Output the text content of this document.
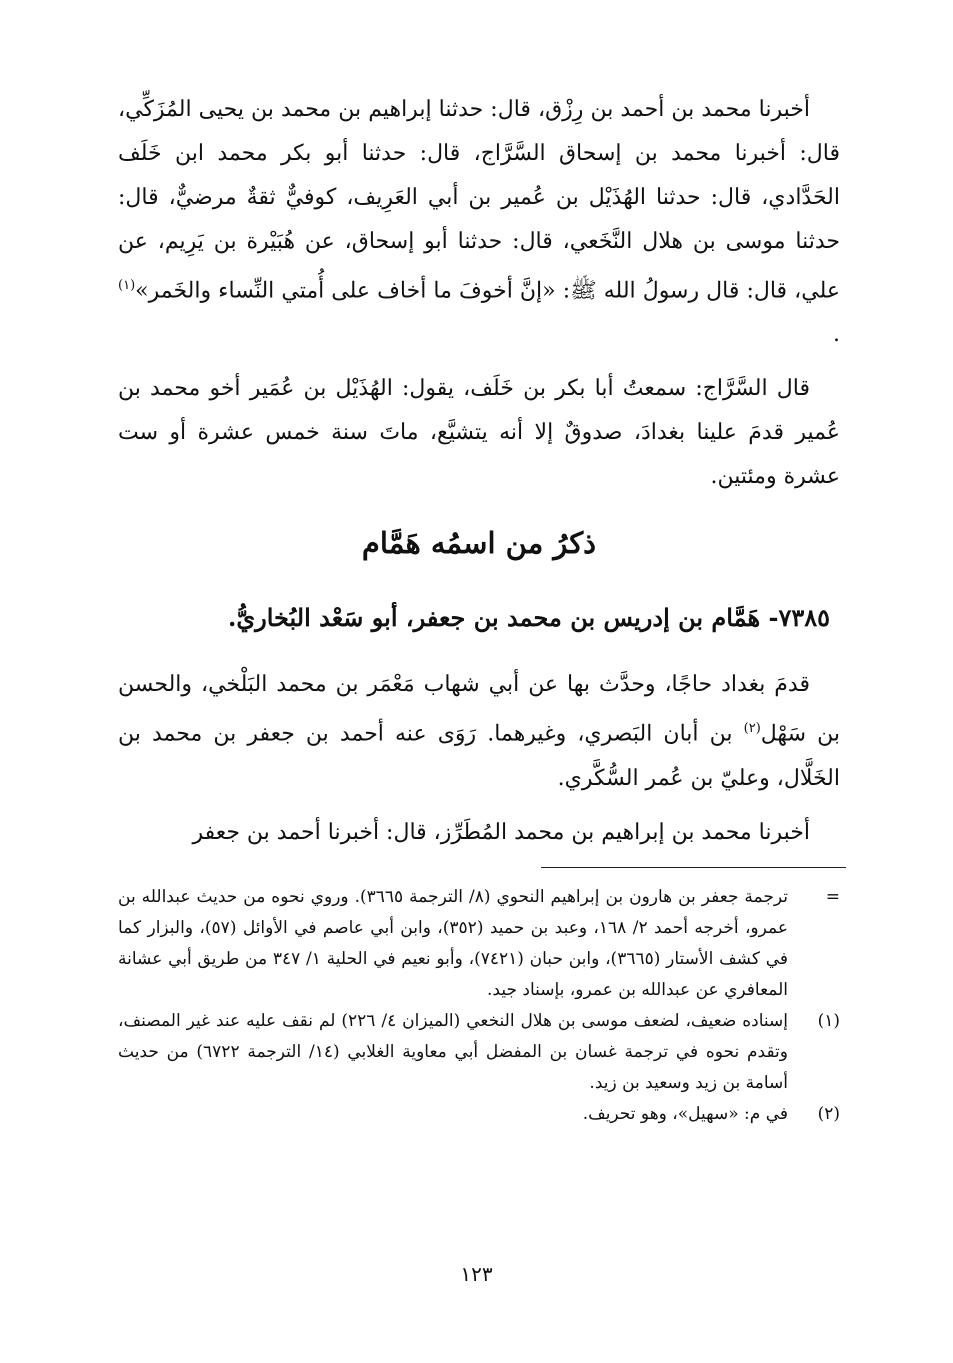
أخبرنا محمد بن أحمد بن رِزْق، قال: حدثنا إبراهيم بن محمد بن يحيى المُزَكِّي، قال: أخبرنا محمد بن إسحاق السَّرَّاج، قال: حدثنا أبو بكر محمد ابن خَلَف الحَدَّادي، قال: حدثنا الهُذَيْل بن عُمير بن أبي العَرِيف، كوفيٌّ ثقةٌ مرضيٌّ، قال: حدثنا موسى بن هلال النَّخَعي، قال: حدثنا أبو إسحاق، عن هُبَيْرة بن يَرِيم، عن علي، قال: قال رسولُ الله ﷺ: «إنَّ أخوفَ ما أخاف على أُمتي النِّساء والخَمر»$^{(١)}$ .

قال السَّرَّاج: سمعتُ أبا بكر بن خَلَف، يقول: الهُذَيْل بن عُمَير أخو محمد بن عُمير قدمَ علينا بغدادَ، صدوقٌ إلا أنه يتشيَّع، ماتَ سنة خمس عشرة أو ست عشرة ومئتين.

ذكرُ من اسمُه هَمَّام
٧٣٨٥- هَمَّام بن إدريس بن محمد بن جعفر، أبو سَعْد البُخاريُّ.

قدمَ بغداد حاجًا، وحدَّث بها عن أبي شهاب مَعْمَر بن محمد البَلْخي، والحسن بن سَهْل$^{(٢)}$ بن أبان البَصري، وغيرهما. رَوَى عنه أحمد بن جعفر بن محمد بن الخَلَّال، وعليّ بن عُمر السُّكَّري.

أخبرنا محمد بن إبراهيم بن محمد المُطَرِّز، قال: أخبرنا أحمد بن جعفر

=
ترجمة جعفر بن هارون بن إبراهيم النحوي (٨/ الترجمة ٣٦٦٥). وروي نحوه من حديث عبدالله بن عمرو، أخرجه أحمد ٢/ ١٦٨، وعبد بن حميد (٣٥٢)، وابن أبي عاصم في الأوائل (٥٧)، والبزار كما في كشف الأستار (٣٦٦٥)، وابن حبان (٧٤٢١)، وأبو نعيم في الحلية ١/ ٣٤٧ من طريق أبي عشانة المعافري عن عبدالله بن عمرو، بإسناد جيد.
(١)
إسناده ضعيف، لضعف موسى بن هلال النخعي (الميزان ٤/ ٢٢٦) لم نقف عليه عند غير المصنف، وتقدم نحوه في ترجمة غسان بن المفضل أبي معاوية الغلابي (١٤/ الترجمة ٦٧٢٢) من حديث أسامة بن زيد وسعيد بن زيد.
(٢)
في م: «سهيل»، وهو تحريف.
١٢٣
